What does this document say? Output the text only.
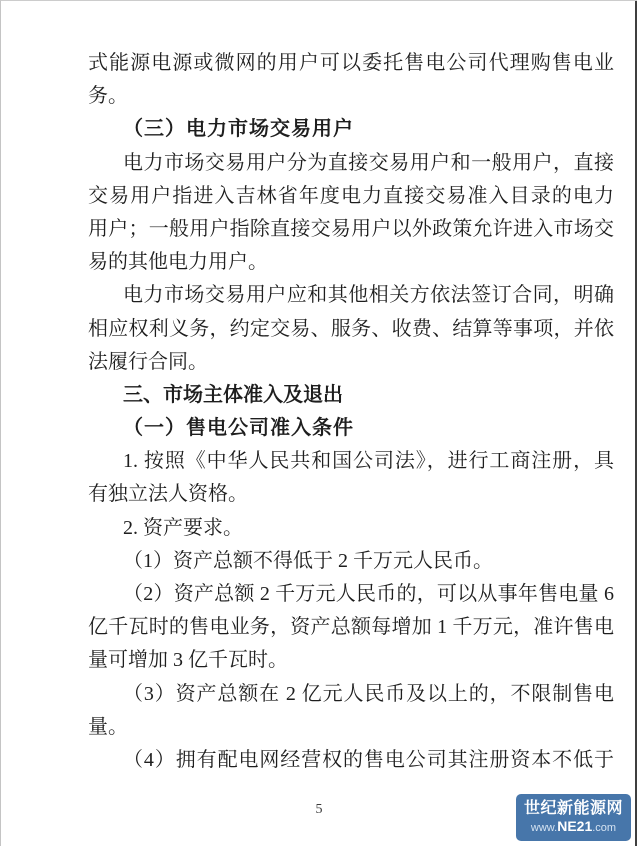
式能源电源或微网的用户可以委托售电公司代理购售电业
务。
（三）电力市场交易用户
电力市场交易用户分为直接交易用户和一般用户，直接
交易用户指进入吉林省年度电力直接交易准入目录的电力
用户；一般用户指除直接交易用户以外政策允许进入市场交
易的其他电力用户。
电力市场交易用户应和其他相关方依法签订合同，明确
相应权利义务，约定交易、服务、收费、结算等事项，并依
法履行合同。
三、市场主体准入及退出
（一）售电公司准入条件
1. 按照《中华人民共和国公司法》，进行工商注册，具
有独立法人资格。
2. 资产要求。
（1）资产总额不得低于 2 千万元人民币。
（2）资产总额 2 千万元人民币的，可以从事年售电量 6
亿千瓦时的售电业务，资产总额每增加 1 千万元，准许售电
量可增加 3 亿千瓦时。
（3）资产总额在 2 亿元人民币及以上的，不限制售电
量。
（4）拥有配电网经营权的售电公司其注册资本不低于
5	世纪新能源网
www.NE21.com
